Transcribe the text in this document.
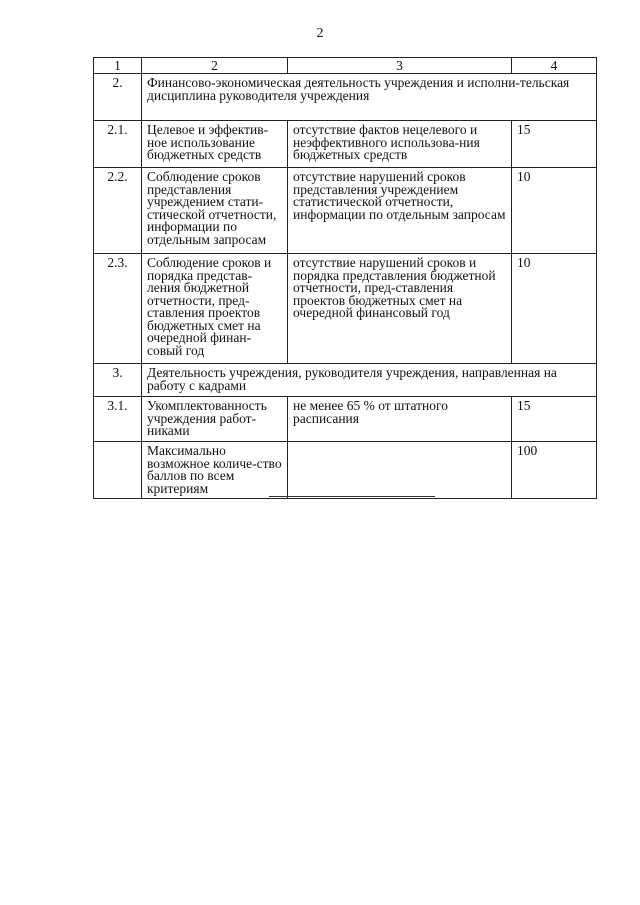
2
1	2	3	4
2.	Финансово-экономическая деятельность учреждения и исполни-тельская дисциплина руководителя учреждения		
2.1.	Целевое и эффектив-ное использование бюджетных средств	отсутствие фактов нецелевого и неэффективного использова-ния бюджетных средств	15
2.2.	Соблюдение сроков представления учреждением стати-стической отчетности, информации по отдельным запросам	отсутствие нарушений сроков представления учреждением статистической отчетности, информации по отдельным запросам	10
2.3.	Соблюдение сроков и порядка представ-ления бюджетной отчетности, пред-ставления проектов бюджетных смет на очередной финан-совый год	отсутствие нарушений сроков и порядка представления бюджетной отчетности, пред-ставления проектов бюджетных смет на очередной финансовый год	10
3.	Деятельность учреждения, руководителя учреждения, направленная на работу с кадрами		
3.1.	Укомплектованность учреждения работ-никами	не менее 65 % от штатного расписания	15
	Максимально возможное количе-ство баллов по всем критериям		100
